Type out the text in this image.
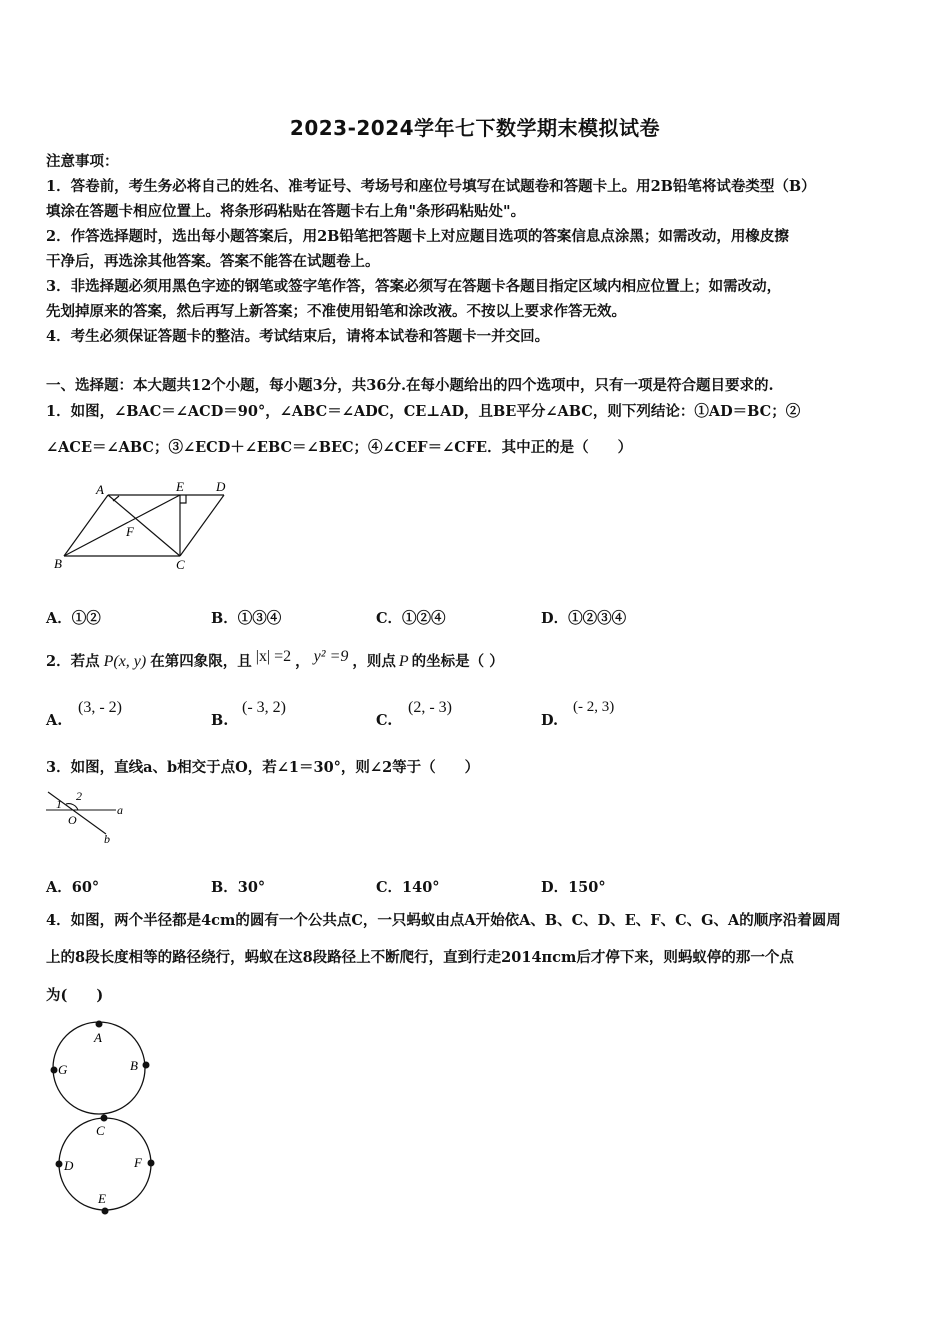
2023-2024学年七下数学期末模拟试卷
注意事项：
1．答卷前，考生务必将自己的姓名、准考证号、考场号和座位号填写在试题卷和答题卡上。用2B铅笔将试卷类型（B）
填涂在答题卡相应位置上。将条形码粘贴在答题卡右上角"条形码粘贴处"。
2．作答选择题时，选出每小题答案后，用2B铅笔把答题卡上对应题目选项的答案信息点涂黑；如需改动，用橡皮擦
干净后，再选涂其他答案。答案不能答在试题卷上。
3．非选择题必须用黑色字迹的钢笔或签字笔作答，答案必须写在答题卡各题目指定区域内相应位置上；如需改动，
先划掉原来的答案，然后再写上新答案；不准使用铅笔和涂改液。不按以上要求作答无效。
4．考生必须保证答题卡的整洁。考试结束后，请将本试卷和答题卡一并交回。
一、选择题：本大题共12个小题，每小题3分，共36分.在每小题给出的四个选项中，只有一项是符合题目要求的.
1．如图，∠BAC＝∠ACD＝90°，∠ABC＝∠ADC，CE⊥AD，且BE平分∠ABC，则下列结论：①AD＝BC；②
∠ACE＝∠ABC；③∠ECD＋∠EBC＝∠BEC；④∠CEF＝∠CFE．其中正的是（　　）
A	E D
F
B	C
A．①②	B．①③④	C．①②④	D．①②③④
2．若点 P(x, y) 在第四象限，且 |x| =2 ， y² =9 ，则点 P 的坐标是（ ）
A.
(3, - 2)
B.
(- 3, 2)
C.
(2, - 3)
D.
(- 2, 3)
3．如图，直线a、b相交于点O，若∠1＝30°，则∠2等于（　　）
1
2
O
a
b
A．60°	B．30°	C．140°	D．150°
4．如图，两个半径都是4cm的圆有一个公共点C，一只蚂蚁由点A开始依A、B、C、D、E、F、C、G、A的顺序沿着圆周
上的8段长度相等的路径绕行，蚂蚁在这8段路径上不断爬行，直到行走2014πcm后才停下来，则蚂蚁停的那一个点
为(　　)
A
B
G
C
D	F
E
